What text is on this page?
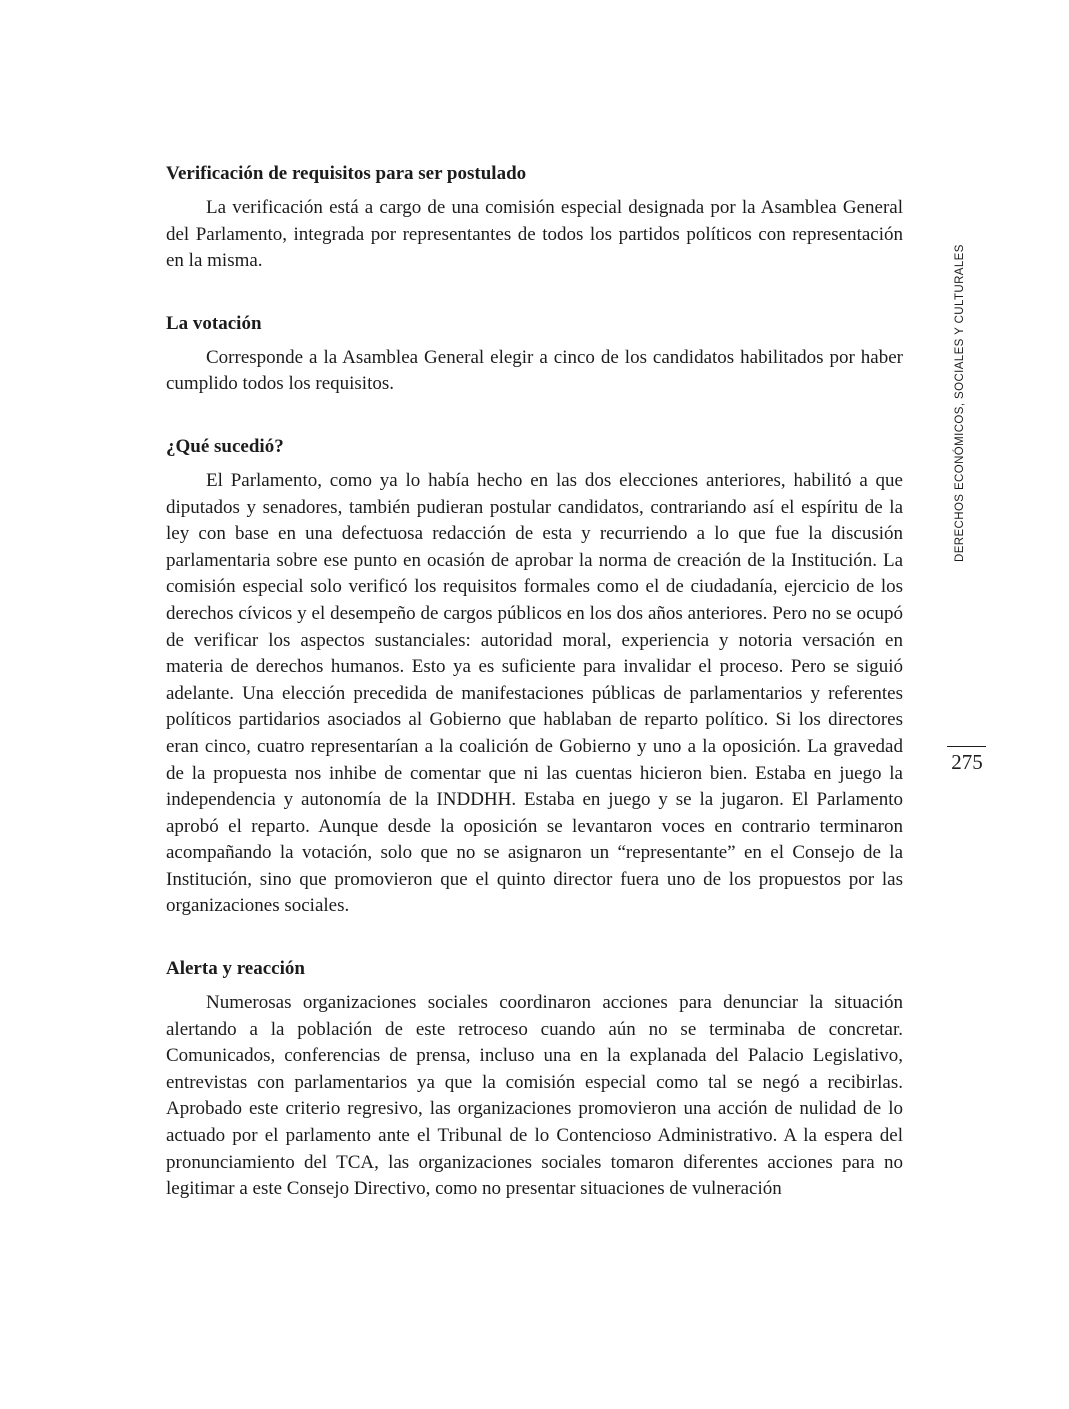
Verificación de requisitos para ser postulado

La verificación está a cargo de una comisión especial designada por la Asamblea General del Parlamento, integrada por representantes de todos los partidos políticos con representación en la misma.

La votación

Corresponde a la Asamblea General elegir a cinco de los candidatos habilitados por haber cumplido todos los requisitos.

¿Qué sucedió?

El Parlamento, como ya lo había hecho en las dos elecciones anteriores, habilitó a que diputados y senadores, también pudieran postular candidatos, contrariando así el espíritu de la ley con base en una defectuosa redacción de esta y recurriendo a lo que fue la discusión parlamentaria sobre ese punto en ocasión de aprobar la norma de creación de la Institución. La comisión especial solo verificó los requisitos formales como el de ciudadanía, ejercicio de los derechos cívicos y el desempeño de cargos públicos en los dos años anteriores. Pero no se ocupó de verificar los aspectos sustanciales: autoridad moral, experiencia y notoria versación en materia de derechos humanos. Esto ya es suficiente para invalidar el proceso. Pero se siguió adelante. Una elección precedida de manifestaciones públicas de parlamentarios y referentes políticos partidarios asociados al Gobierno que hablaban de reparto político. Si los directores eran cinco, cuatro representarían a la coalición de Gobierno y uno a la oposición. La gravedad de la propuesta nos inhibe de comentar que ni las cuentas hicieron bien. Estaba en juego la independencia y autonomía de la INDDHH. Estaba en juego y se la jugaron. El Parlamento aprobó el reparto. Aunque desde la oposición se levantaron voces en contrario terminaron acompañando la votación, solo que no se asignaron un “representante” en el Consejo de la Institución, sino que promovieron que el quinto director fuera uno de los propuestos por las organizaciones sociales.

Alerta y reacción

Numerosas organizaciones sociales coordinaron acciones para denunciar la situación alertando a la población de este retroceso cuando aún no se terminaba de concretar. Comunicados, conferencias de prensa, incluso una en la explanada del Palacio Legislativo, entrevistas con parlamentarios ya que la comisión especial como tal se negó a recibirlas. Aprobado este criterio regresivo, las organizaciones promovieron una acción de nulidad de lo actuado por el parlamento ante el Tribunal de lo Contencioso Administrativo. A la espera del pronunciamiento del TCA, las organizaciones sociales tomaron diferentes acciones para no legitimar a este Consejo Directivo, como no presentar situaciones de vulneración

DERECHOS ECONÓMICOS, SOCIALES Y CULTURALES
275
